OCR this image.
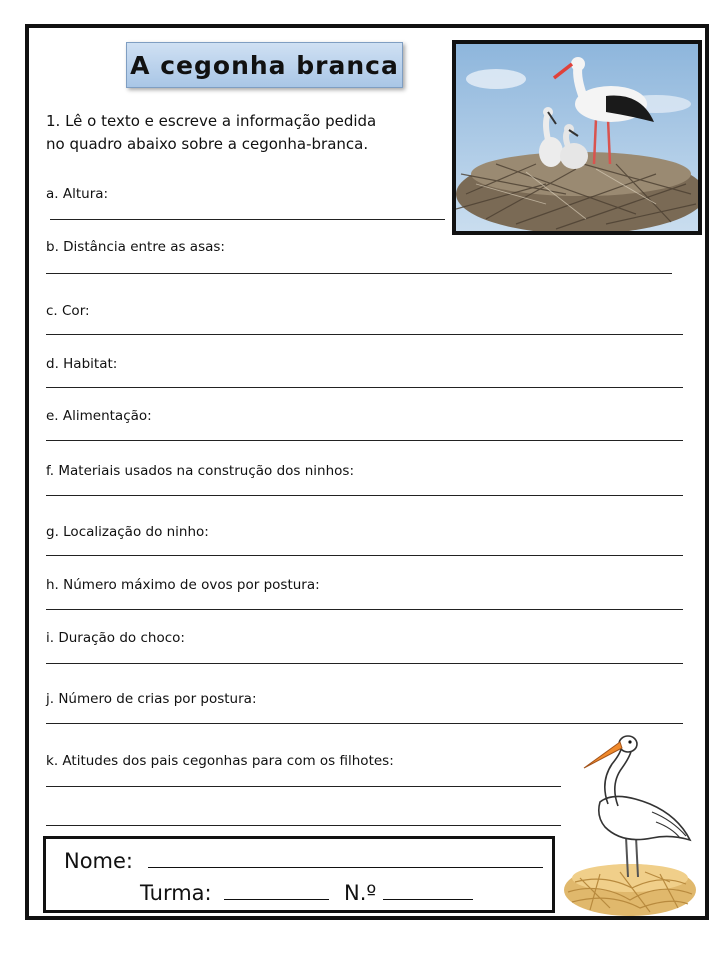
A cegonha branca
1. Lê o texto e escreve a informação pedida
no quadro abaixo sobre a cegonha-branca.
a. Altura:
b. Distância entre as asas:
c. Cor:
d. Habitat:
e. Alimentação:
f. Materiais usados na construção dos ninhos:
g. Localização do ninho:
h. Número máximo de ovos por postura:
i. Duração do choco:
j. Número de crias por postura:
k. Atitudes dos pais cegonhas para com os filhotes:
Nome:
Turma:	N.º
